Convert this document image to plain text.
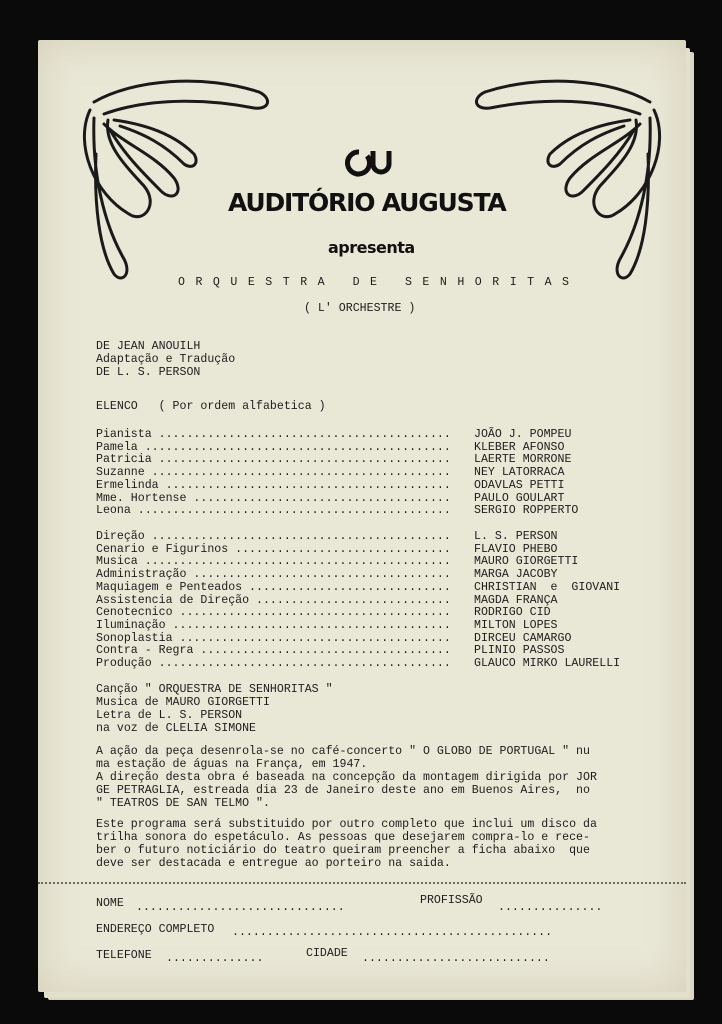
AUDITÓRIO AUGUSTA
apresenta
ORQUESTRA DE SENHORITAS
( L' ORCHESTRE )
DE JEAN ANOUILH
Adaptação e Tradução
DE L. S. PERSON
ELENCO   ( Por ordem alfabetica )
Pianista .......................................... JOÃO J. POMPEU
Pamela ............................................ KLEBER AFONSO
Patricia .......................................... LAERTE MORRONE
Suzanne ........................................... NEY LATORRACA
Ermelinda ......................................... ODAVLAS PETTI
Mme. Hortense ..................................... PAULO GOULART
Leona ............................................. SERGIO ROPPERTO
Direção ........................................... L. S. PERSON
Cenario e Figurinos ............................... FLAVIO PHEBO
Musica ............................................ MAURO GIORGETTI
Administração ..................................... MARGA JACOBY
Maquiagem e Penteados ............................. CHRISTIAN  e  GIOVANI
Assistencia de Direção ............................ MAGDA FRANÇA
Cenotecnico ....................................... RODRIGO CID
Iluminação ........................................ MILTON LOPES
Sonoplastia ....................................... DIRCEU CAMARGO
Contra - Regra .................................... PLINIO PASSOS
Produção .......................................... GLAUCO MIRKO LAURELLI
Canção " ORQUESTRA DE SENHORITAS "
Musica de MAURO GIORGETTI
Letra de L. S. PERSON
na voz de CLELIA SIMONE
A ação da peça desenrola-se no café-concerto " O GLOBO DE PORTUGAL " nu
ma estação de águas na França, em 1947.
A direção desta obra é baseada na concepção da montagem dirigida por JOR
GE PETRAGLIA, estreada dia 23 de Janeiro deste ano em Buenos Aires,  no
" TEATROS DE SAN TELMO ".
Este programa será substituido por outro completo que inclui um disco da
trilha sonora do espetáculo. As pessoas que desejarem compra-lo e rece-
ber o futuro noticiário do teatro queiram preencher a ficha abaixo  que
deve ser destacada e entregue ao porteiro na saida.
NOME ..............................
PROFISSÃO
...............
ENDEREÇO COMPLETO ..............................................
TELEFONE ..............	CIDADE ...........................
